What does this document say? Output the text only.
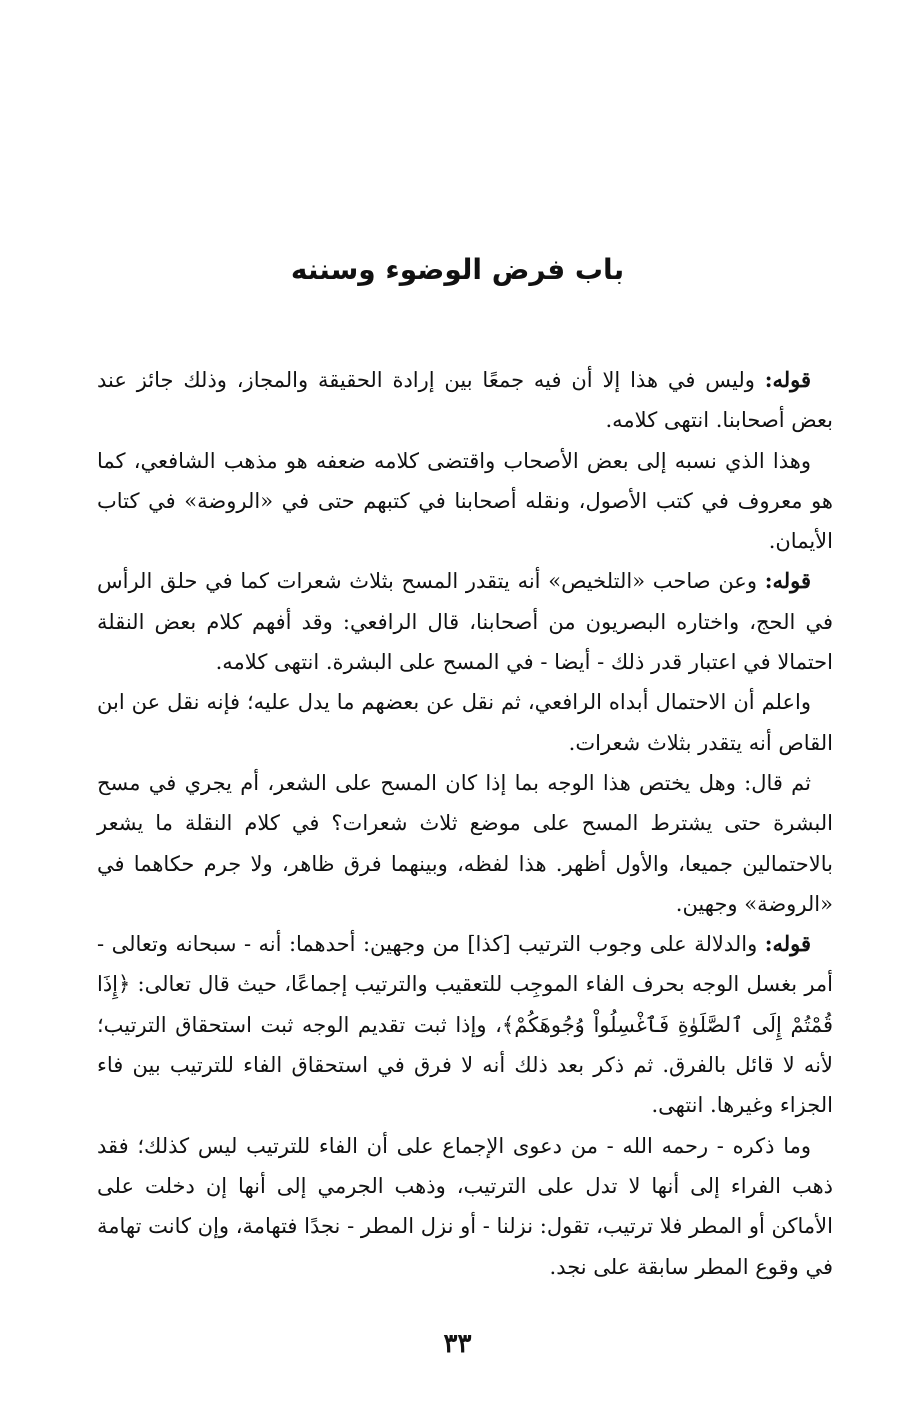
باب فرض الوضوء وسننه

قوله: وليس في هذا إلا أن فيه جمعًا بين إرادة الحقيقة والمجاز، وذلك جائز عند بعض أصحابنا. انتهى كلامه.

وهذا الذي نسبه إلى بعض الأصحاب واقتضى كلامه ضعفه هو مذهب الشافعي، كما هو معروف في كتب الأصول، ونقله أصحابنا في كتبهم حتى في «الروضة» في كتاب الأيمان.

قوله: وعن صاحب «التلخيص» أنه يتقدر المسح بثلاث شعرات كما في حلق الرأس في الحج، واختاره البصريون من أصحابنا، قال الرافعي: وقد أفهم كلام بعض النقلة احتمالا في اعتبار قدر ذلك - أيضا - في المسح على البشرة. انتهى كلامه.

واعلم أن الاحتمال أبداه الرافعي، ثم نقل عن بعضهم ما يدل عليه؛ فإنه نقل عن ابن القاص أنه يتقدر بثلاث شعرات.

ثم قال: وهل يختص هذا الوجه بما إذا كان المسح على الشعر، أم يجري في مسح البشرة حتى يشترط المسح على موضع ثلاث شعرات؟ في كلام النقلة ما يشعر بالاحتمالين جميعا، والأول أظهر. هذا لفظه، وبينهما فرق ظاهر، ولا جرم حكاهما في «الروضة» وجهين.

قوله: والدلالة على وجوب الترتيب [كذا] من وجهين: أحدهما: أنه - سبحانه وتعالى - أمر بغسل الوجه بحرف الفاء الموجِب للتعقيب والترتيب إجماعًا، حيث قال تعالى: ﴿إِذَا قُمْتُمْ إِلَى ٱلصَّلَوٰةِ فَٱغْسِلُواْ وُجُوهَكُمْ﴾، وإذا ثبت تقديم الوجه ثبت استحقاق الترتيب؛ لأنه لا قائل بالفرق. ثم ذكر بعد ذلك أنه لا فرق في استحقاق الفاء للترتيب بين فاء الجزاء وغيرها. انتهى.

وما ذكره - رحمه الله - من دعوى الإجماع على أن الفاء للترتيب ليس كذلك؛ فقد ذهب الفراء إلى أنها لا تدل على الترتيب، وذهب الجرمي إلى أنها إن دخلت على الأماكن أو المطر فلا ترتيب، تقول: نزلنا - أو نزل المطر - نجدًا فتهامة، وإن كانت تهامة في وقوع المطر سابقة على نجد.

٣٣
